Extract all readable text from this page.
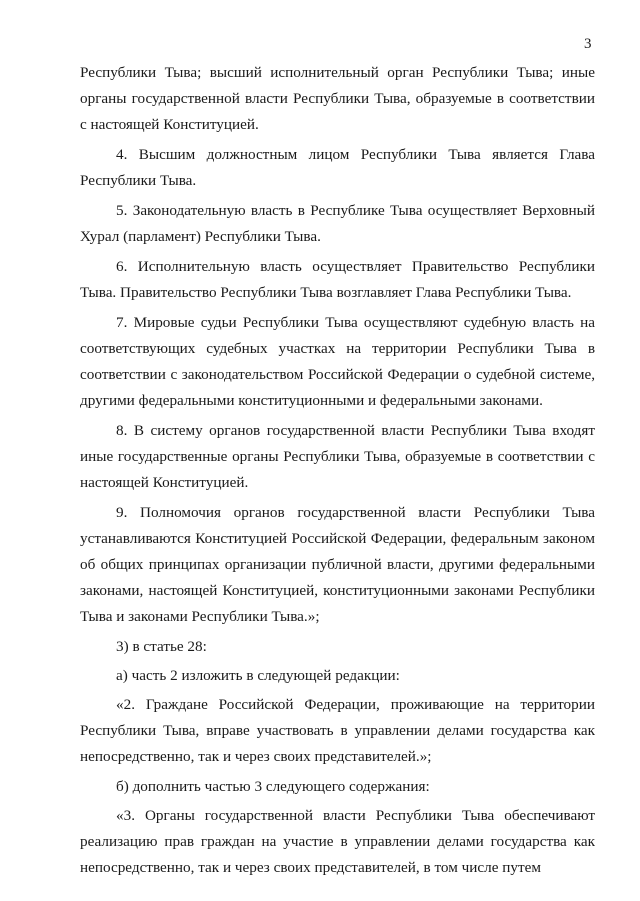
3

Республики Тыва; высший исполнительный орган Республики Тыва; иные органы государственной власти Республики Тыва, образуемые в соответствии с настоящей Конституцией.

4. Высшим должностным лицом Республики Тыва является Глава Республики Тыва.

5. Законодательную власть в Республике Тыва осуществляет Верховный Хурал (парламент) Республики Тыва.

6. Исполнительную власть осуществляет Правительство Республики Тыва. Правительство Республики Тыва возглавляет Глава Республики Тыва.

7. Мировые судьи Республики Тыва осуществляют судебную власть на соответствующих судебных участках на территории Республики Тыва в соответствии с законодательством Российской Федерации о судебной системе, другими федеральными конституционными и федеральными законами.

8. В систему органов государственной власти Республики Тыва входят иные государственные органы Республики Тыва, образуемые в соответствии с настоящей Конституцией.

9. Полномочия органов государственной власти Республики Тыва устанавливаются Конституцией Российской Федерации, федеральным законом об общих принципах организации публичной власти, другими федеральными законами, настоящей Конституцией, конституционными законами Республики Тыва и законами Республики Тыва.»;

3) в статье 28:

а) часть 2 изложить в следующей редакции:

«2. Граждане Российской Федерации, проживающие на территории Республики Тыва, вправе участвовать в управлении делами государства как непосредственно, так и через своих представителей.»;

б) дополнить частью 3 следующего содержания:

«3. Органы государственной власти Республики Тыва обеспечивают реализацию прав граждан на участие в управлении делами государства как непосредственно, так и через своих представителей, в том числе путем
